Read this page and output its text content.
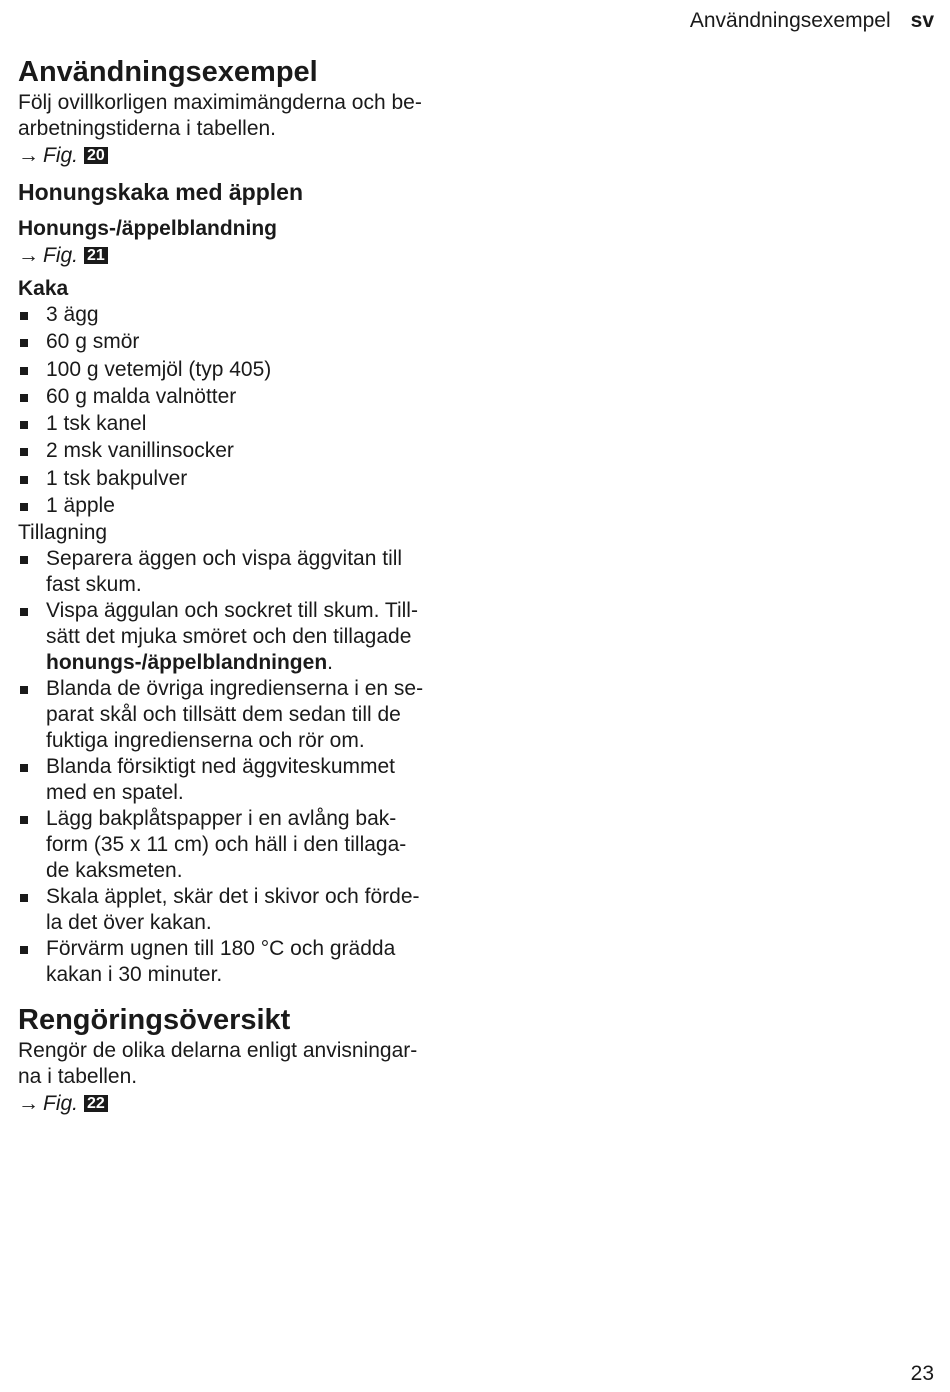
Användningsexempel sv
Användningsexempel

Följ ovillkorligen maximimängderna och be-
arbetningstiderna i tabellen.

→ Fig. 20
Honungskaka med äpplen
Honungs-/äppelblandning
→ Fig. 21
Kaka
3 ägg
60 g smör
100 g vetemjöl (typ 405)
60 g malda valnötter
1 tsk kanel
2 msk vanillinsocker
1 tsk bakpulver
1 äpple

Tillagning

Separera äggen och vispa äggvitan till
fast skum.
Vispa äggulan och sockret till skum. Till-
sätt det mjuka smöret och den tillagade
honungs-/äppelblandningen.
Blanda de övriga ingredienserna i en se-
parat skål och tillsätt dem sedan till de
fuktiga ingredienserna och rör om.
Blanda försiktigt ned äggviteskummet
med en spatel.
Lägg bakplåtspapper i en avlång bak-
form (35 x 11 cm) och häll i den tillaga-
de kaksmeten.
Skala äpplet, skär det i skivor och förde-
la det över kakan.
Förvärm ugnen till 180 °C och grädda
kakan i 30 minuter.
Rengöringsöversikt

Rengör de olika delarna enligt anvisningar-
na i tabellen.

→ Fig. 22
23
